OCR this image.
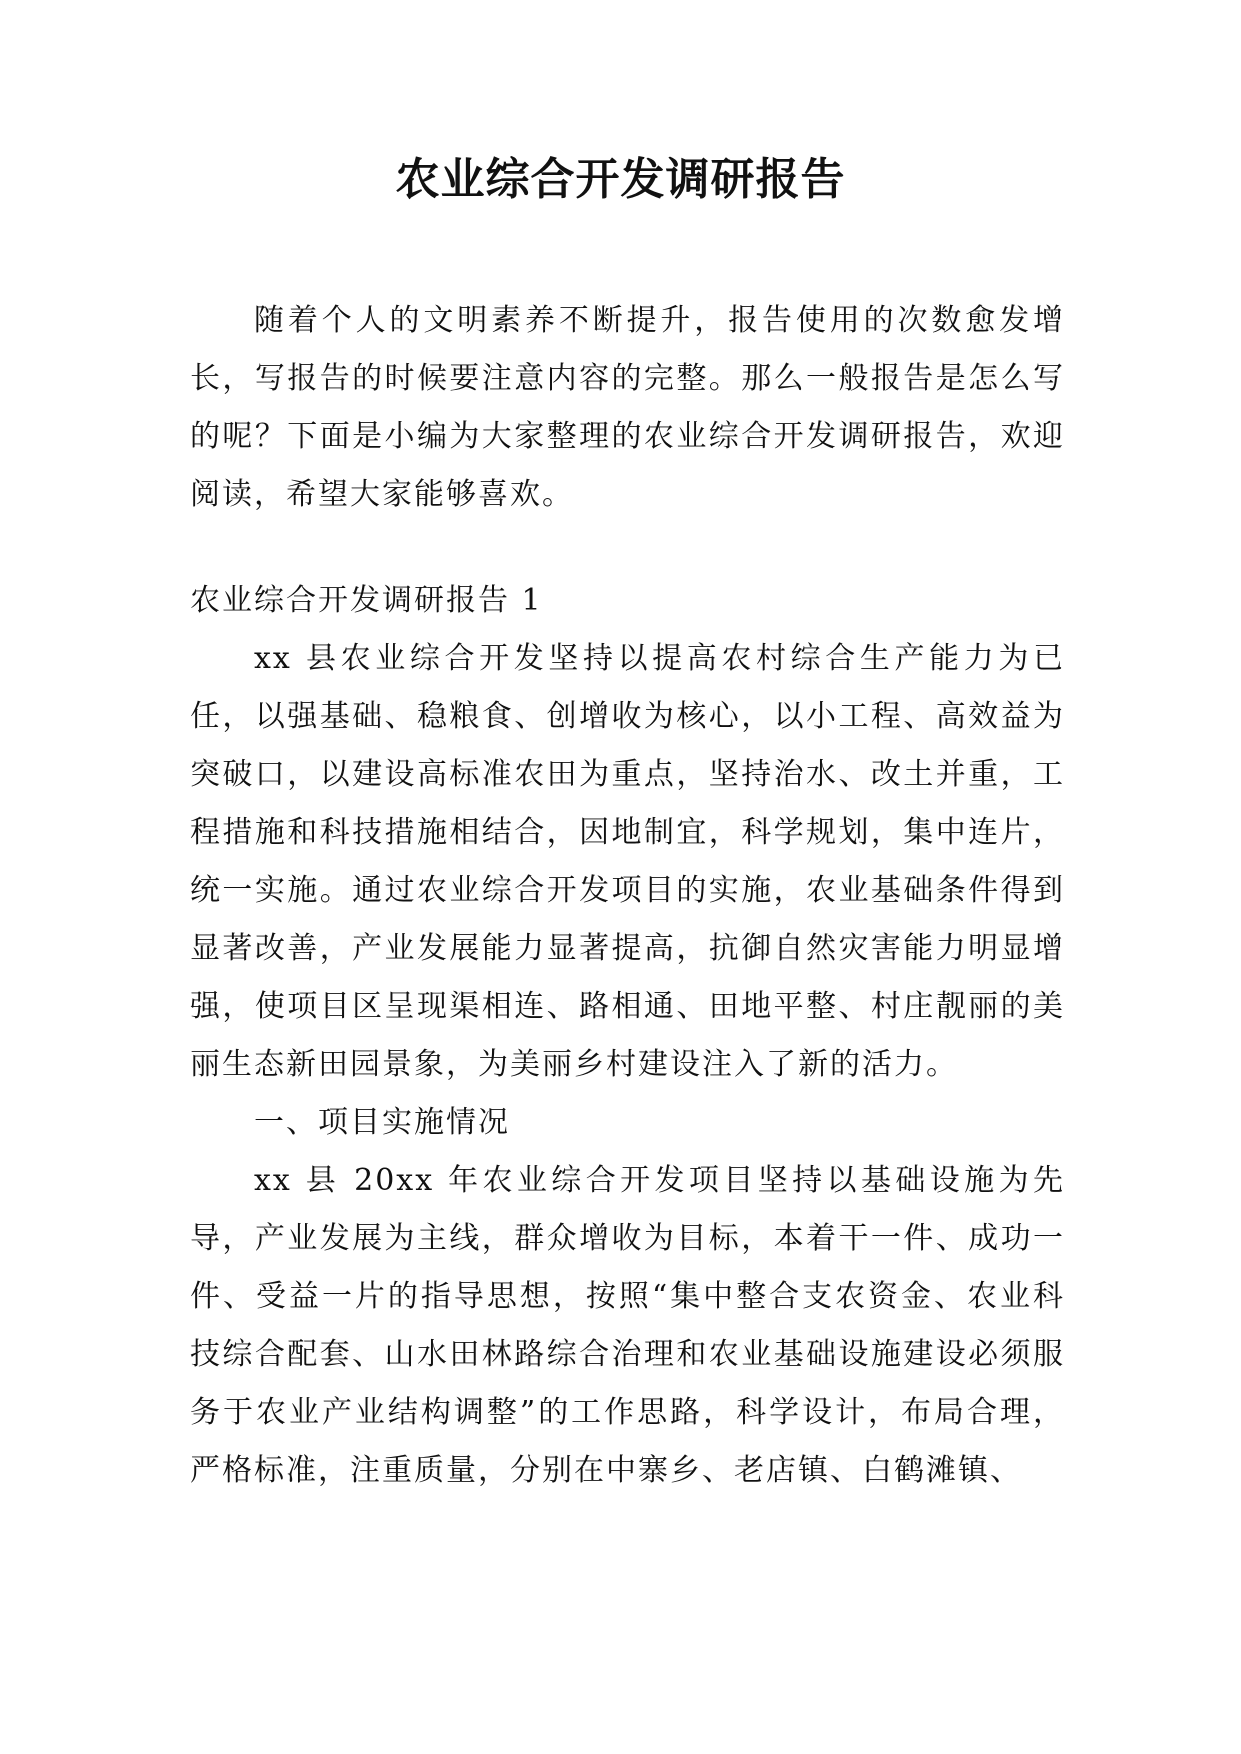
农业综合开发调研报告

随着个人的文明素养不断提升，报告使用的次数愈发增长，写报告的时候要注意内容的完整。那么一般报告是怎么写的呢？下面是小编为大家整理的农业综合开发调研报告，欢迎阅读，希望大家能够喜欢。

农业综合开发调研报告 1

xx 县农业综合开发坚持以提高农村综合生产能力为已任，以强基础、稳粮食、创增收为核心，以小工程、高效益为突破口，以建设高标准农田为重点，坚持治水、改土并重，工程措施和科技措施相结合，因地制宜，科学规划，集中连片，统一实施。通过农业综合开发项目的实施，农业基础条件得到显著改善，产业发展能力显著提高，抗御自然灾害能力明显增强，使项目区呈现渠相连、路相通、田地平整、村庄靓丽的美丽生态新田园景象，为美丽乡村建设注入了新的活力。

一、项目实施情况

xx 县 20xx 年农业综合开发项目坚持以基础设施为先导，产业发展为主线，群众增收为目标，本着干一件、成功一件、受益一片的指导思想，按照“集中整合支农资金、农业科技综合配套、山水田林路综合治理和农业基础设施建设必须服务于农业产业结构调整”的工作思路，科学设计，布局合理，严格标准，注重质量，分别在中寨乡、老店镇、白鹤滩镇、
